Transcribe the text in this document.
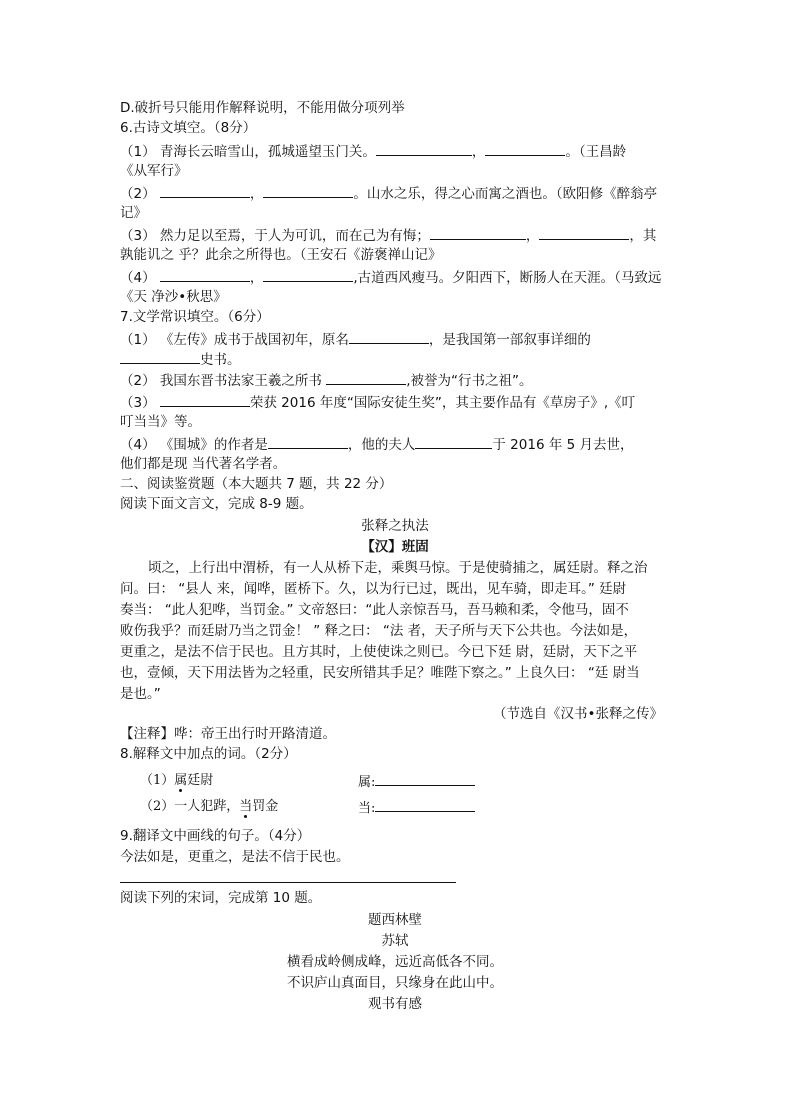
D.破折号只能用作解释说明，不能用做分项列举
6.古诗文填空。（8分）
（1） 青海长云暗雪山，孤城遥望玉门关。	，	。（王昌龄
《从军行》
（2）	，	。山水之乐，得之心而寓之酒也。（欧阳修《醉翁亭
记》
（3） 然力足以至焉，于人为可讥，而在己为有悔；	，	，其
孰能讥之 乎？此余之所得也。（王安石《游褒禅山记》
（4）	，	,古道西风瘦马。夕阳西下，断肠人在天涯。（马致远
《天 净沙•秋思》
7.文学常识填空。（6分）
（1） 《左传》成书于战国初年，原名	，是我国第一部叙事详细的
史书。
（2） 我国东晋书法家王羲之所书	,被誉为“行书之祖”。
（3）	荣获 2016 年度“国际安徒生奖”，其主要作品有《草房子》,《叮
叮当当》等。
（4） 《围城》的作者是	，他的夫人	于 2016 年 5 月去世，
他们都是现 当代著名学者。
二、阅读鉴赏题（本大题共 7 题，共 22 分）
阅读下面文言文，完成 8-9 题。
张释之执法
【汉】班固
顷之，上行出中渭桥，有一人从桥下走，乘舆马惊。于是使骑捕之，属廷尉。释之治
问。曰： “县人 来，闻哗，匿桥下。久，以为行已过，既出，见车骑，即走耳。” 廷尉
奏当： “此人犯哗，当罚金。” 文帝怒曰：“此人亲惊吾马，吾马赖和柔，令他马，固不
败伤我乎？而廷尉乃当之罚金！ ” 释之曰： “法 者，天子所与天下公共也。今法如是，
更重之，是法不信于民也。且方其时，上使使诛之则已。今已下廷 尉，廷尉，天下之平
也，壹倾，天下用法皆为之轻重，民安所错其手足？唯陛下察之。” 上良久曰： “廷 尉当
是也。”
（节选自《汉书•张释之传》
【注释】哗：帝王出行时开路清道。
8.解释文中加点的词。（2分）
（1）属廷尉	属:
（2）一人犯跸，当罚金	当:
9.翻译文中画线的句子。（4分）
今法如是，更重之，是法不信于民也。
阅读下列的宋词，完成第 10 题。
题西林壁
苏轼
横看成岭侧成峰，远近高低各不同。
不识庐山真面目，只缘身在此山中。
观书有感
